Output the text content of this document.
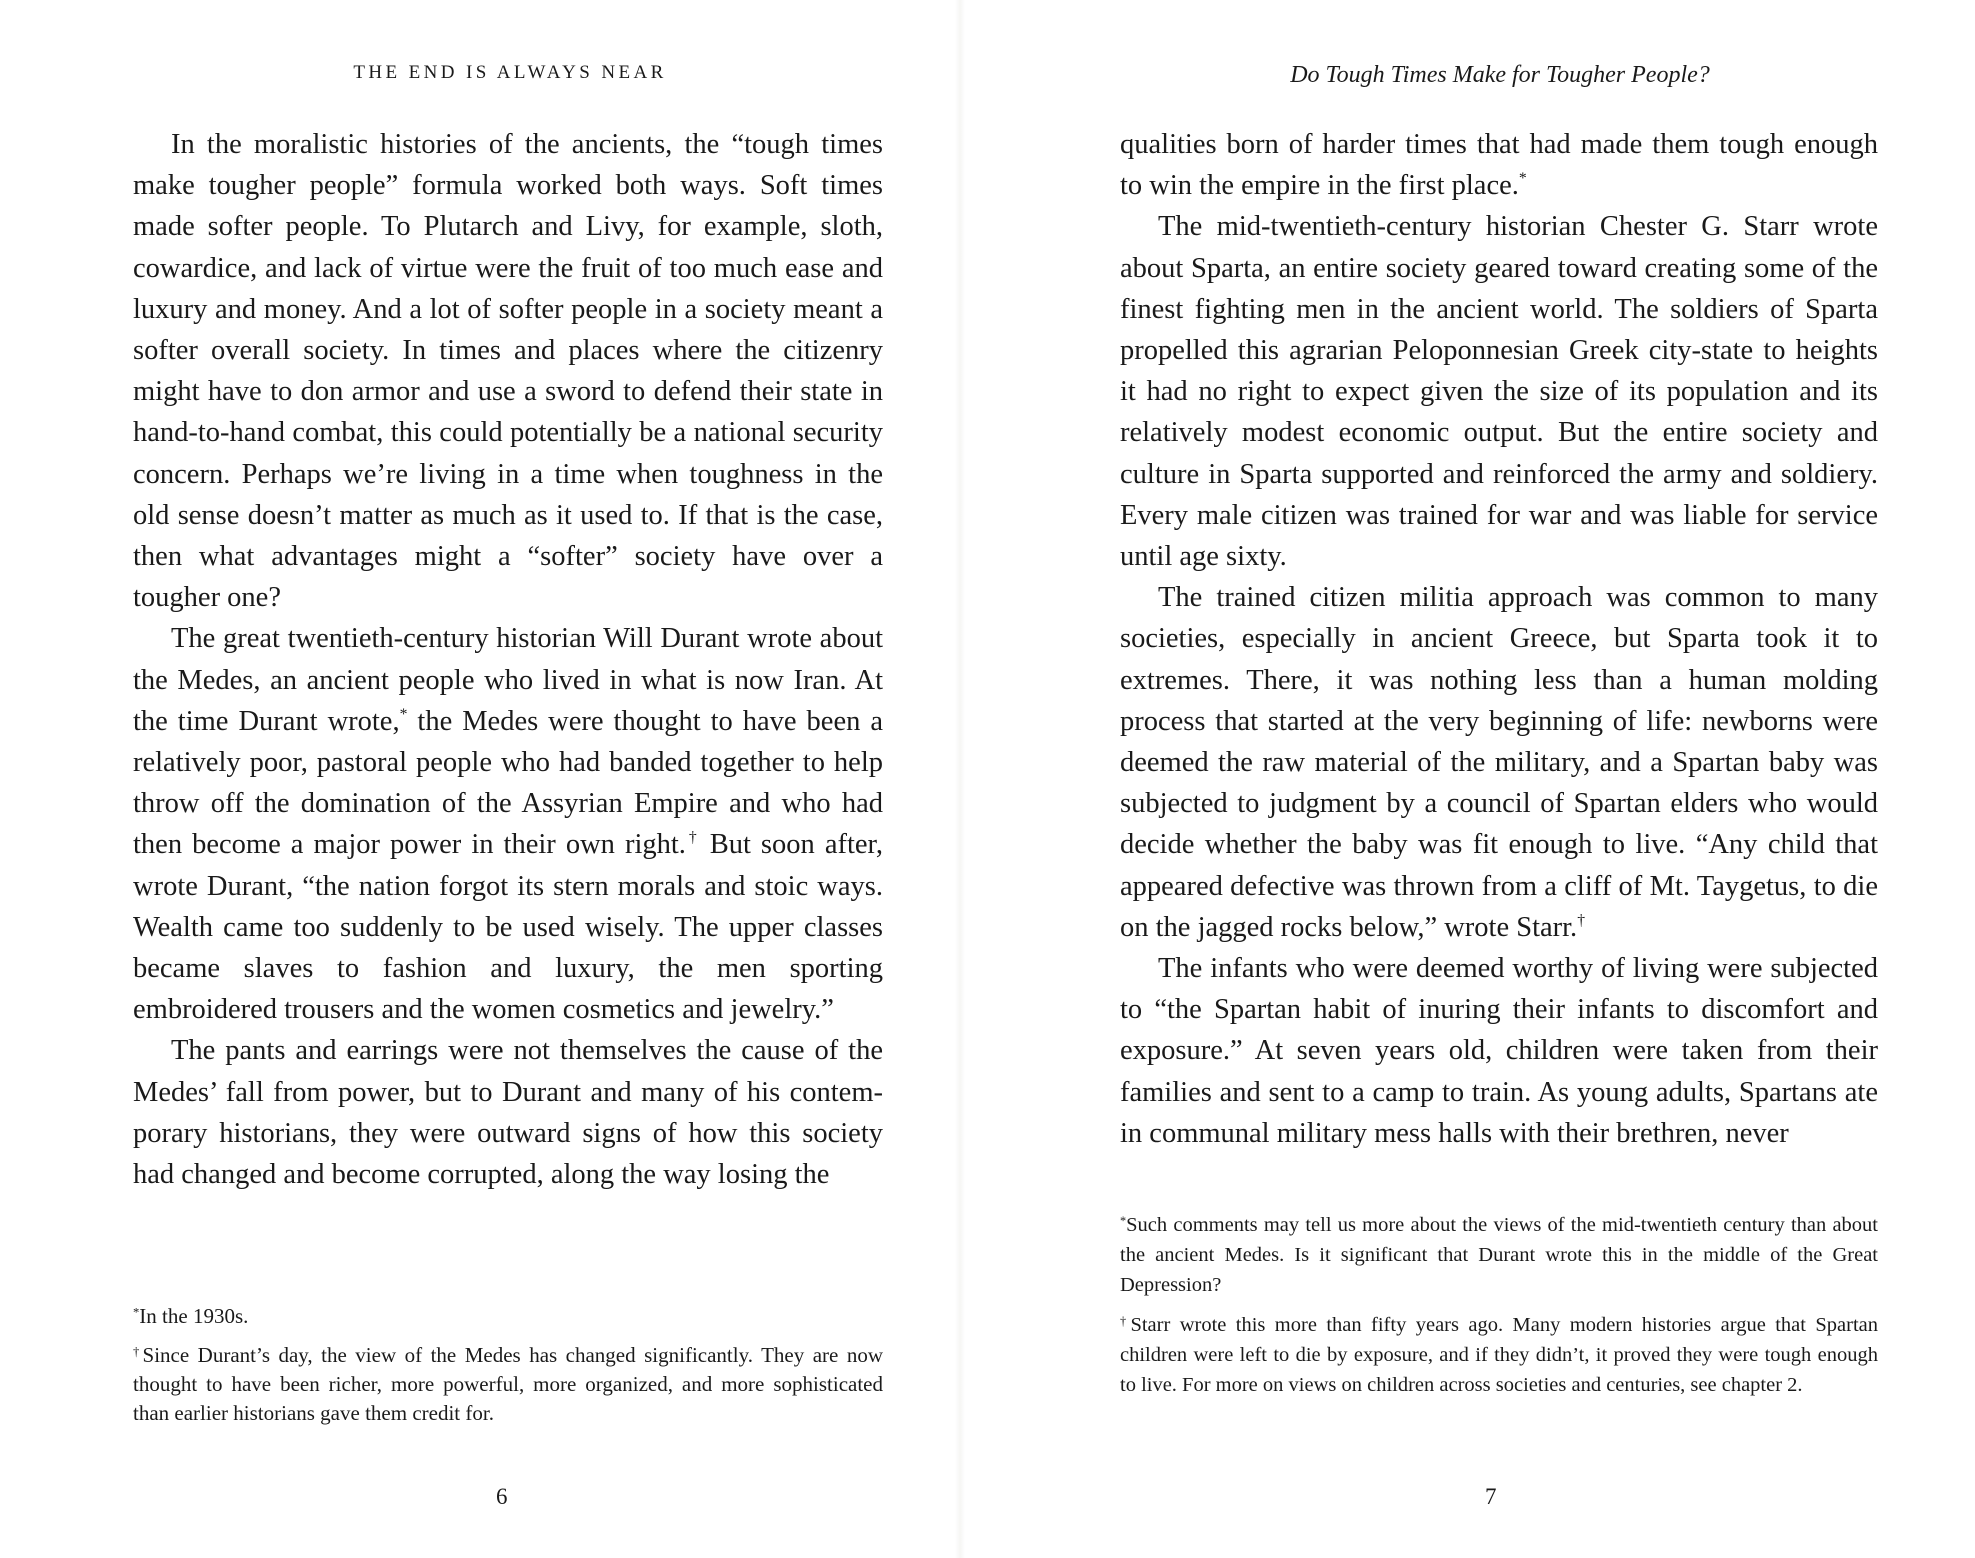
THE END IS ALWAYS NEAR

In the moralistic histories of the ancients, the “tough times make tougher people” formula worked both ways. Soft times made softer people. To Plutarch and Livy, for example, sloth, cowardice, and lack of virtue were the fruit of too much ease and luxury and money. And a lot of softer people in a society meant a softer overall society. In times and places where the citizenry might have to don armor and use a sword to defend their state in hand-to-hand combat, this could potentially be a national security concern. Perhaps we’re living in a time when toughness in the old sense doesn’t matter as much as it used to. If that is the case, then what advantages might a “softer” society have over a tougher one?

The great twentieth-century historian Will Durant wrote about the Medes, an ancient people who lived in what is now Iran. At the time Durant wrote,* the Medes were thought to have been a relatively poor, pastoral people who had banded together to help throw off the domination of the Assyrian Empire and who had then become a major power in their own right.† But soon after, wrote Durant, “the nation forgot its stern morals and stoic ways. Wealth came too suddenly to be used wisely. The upper classes became slaves to fashion and luxury, the men sporting embroidered trousers and the women cosmetics and jewelry.”

The pants and earrings were not themselves the cause of the Medes’ fall from power, but to Durant and many of his contemporary historians, they were outward signs of how this society had changed and become corrupted, along the way losing the

*In the 1930s.

†Since Durant’s day, the view of the Medes has changed significantly. They are now thought to have been richer, more powerful, more organized, and more sophisticated than earlier historians gave them credit for.

6
Do Tough Times Make for Tougher People?

qualities born of harder times that had made them tough enough to win the empire in the first place.*

The mid-twentieth-century historian Chester G. Starr wrote about Sparta, an entire society geared toward creating some of the finest fighting men in the ancient world. The soldiers of Sparta propelled this agrarian Peloponnesian Greek city-state to heights it had no right to expect given the size of its population and its relatively modest economic output. But the entire society and culture in Sparta supported and reinforced the army and soldiery. Every male citizen was trained for war and was liable for service until age sixty.

The trained citizen militia approach was common to many societies, especially in ancient Greece, but Sparta took it to extremes. There, it was nothing less than a human molding process that started at the very beginning of life: newborns were deemed the raw material of the military, and a Spartan baby was subjected to judgment by a council of Spartan elders who would decide whether the baby was fit enough to live. “Any child that appeared defective was thrown from a cliff of Mt. Taygetus, to die on the jagged rocks below,” wrote Starr.†

The infants who were deemed worthy of living were subjected to “the Spartan habit of inuring their infants to discomfort and exposure.” At seven years old, children were taken from their families and sent to a camp to train. As young adults, Spartans ate in communal military mess halls with their brethren, never

*Such comments may tell us more about the views of the mid-twentieth century than about the ancient Medes. Is it significant that Durant wrote this in the middle of the Great Depression?

†Starr wrote this more than fifty years ago. Many modern histories argue that Spartan children were left to die by exposure, and if they didn’t, it proved they were tough enough to live. For more on views on children across societies and centuries, see chapter 2.

7
